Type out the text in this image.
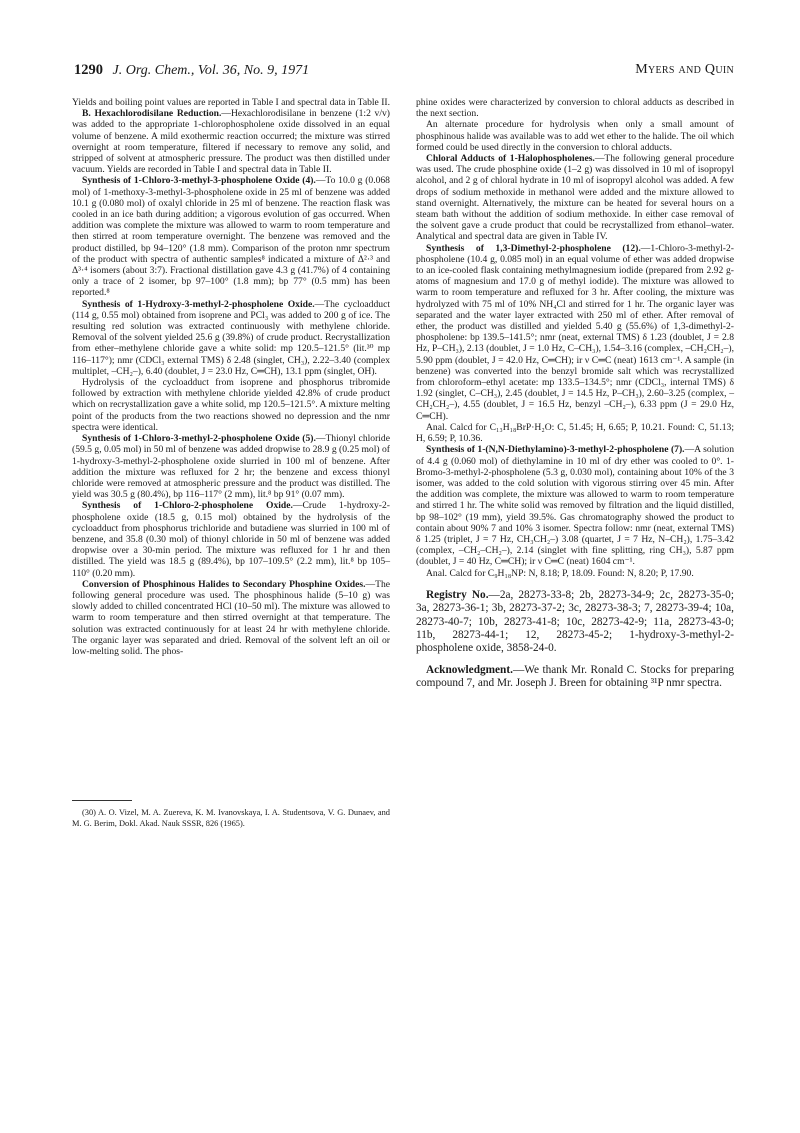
1290 J. Org. Chem., Vol. 36, No. 9, 1971	Myers and Quin

Yields and boiling point values are reported in Table I and spectral data in Table II.

B. Hexachlorodisilane Reduction.—Hexachlorodisilane in benzene (1:2 v/v) was added to the appropriate 1-chlorophospholene oxide dissolved in an equal volume of benzene. A mild exothermic reaction occurred; the mixture was stirred overnight at room temperature, filtered if necessary to remove any solid, and stripped of solvent at atmospheric pressure. The product was then distilled under vacuum. Yields are recorded in Table I and spectral data in Table II.

Synthesis of 1-Chloro-3-methyl-3-phospholene Oxide (4).—To 10.0 g (0.068 mol) of 1-methoxy-3-methyl-3-phospholene oxide in 25 ml of benzene was added 10.1 g (0.080 mol) of oxalyl chloride in 25 ml of benzene. The reaction flask was cooled in an ice bath during addition; a vigorous evolution of gas occurred. When addition was complete the mixture was allowed to warm to room temperature and then stirred at room temperature overnight. The benzene was removed and the product distilled, bp 94–120° (1.8 mm). Comparison of the proton nmr spectrum of the product with spectra of authentic samples⁸ indicated a mixture of Δ²·³ and Δ³·⁴ isomers (about 3:7). Fractional distillation gave 4.3 g (41.7%) of 4 containing only a trace of 2 isomer, bp 97–100° (1.8 mm); bp 77° (0.5 mm) has been reported.⁸

Synthesis of 1-Hydroxy-3-methyl-2-phospholene Oxide.—The cycloadduct (114 g, 0.55 mol) obtained from isoprene and PCl₃ was added to 200 g of ice. The resulting red solution was extracted continuously with methylene chloride. Removal of the solvent yielded 25.6 g (39.8%) of crude product. Recrystallization from ether–methylene chloride gave a white solid: mp 120.5–121.5° (lit.³⁰ mp 116–117°); nmr (CDCl₃ external TMS) δ 2.48 (singlet, CH₃), 2.22–3.40 (complex multiplet, –CH₂–), 6.40 (doublet, J = 23.0 Hz, C═CH), 13.1 ppm (singlet, OH).

Hydrolysis of the cycloadduct from isoprene and phosphorus tribromide followed by extraction with methylene chloride yielded 42.8% of crude product which on recrystallization gave a white solid, mp 120.5–121.5°. A mixture melting point of the products from the two reactions showed no depression and the nmr spectra were identical.

Synthesis of 1-Chloro-3-methyl-2-phospholene Oxide (5).—Thionyl chloride (59.5 g, 0.05 mol) in 50 ml of benzene was added dropwise to 28.9 g (0.25 mol) of 1-hydroxy-3-methyl-2-phospholene oxide slurried in 100 ml of benzene. After addition the mixture was refluxed for 2 hr; the benzene and excess thionyl chloride were removed at atmospheric pressure and the product was distilled. The yield was 30.5 g (80.4%), bp 116–117° (2 mm), lit.⁸ bp 91° (0.07 mm).

Synthesis of 1-Chloro-2-phospholene Oxide.—Crude 1-hydroxy-2-phospholene oxide (18.5 g, 0.15 mol) obtained by the hydrolysis of the cycloadduct from phosphorus trichloride and butadiene was slurried in 100 ml of benzene, and 35.8 (0.30 mol) of thionyl chloride in 50 ml of benzene was added dropwise over a 30-min period. The mixture was refluxed for 1 hr and then distilled. The yield was 18.5 g (89.4%), bp 107–109.5° (2.2 mm), lit.⁸ bp 105–110° (0.20 mm).

Conversion of Phosphinous Halides to Secondary Phosphine Oxides.—The following general procedure was used. The phosphinous halide (5–10 g) was slowly added to chilled concentrated HCl (10–50 ml). The mixture was allowed to warm to room temperature and then stirred overnight at that temperature. The solution was extracted continuously for at least 24 hr with methylene chloride. The organic layer was separated and dried. Removal of the solvent left an oil or low-melting solid. The phos-

(30) A. O. Vizel, M. A. Zuereva, K. M. Ivanovskaya, I. A. Studentsova, V. G. Dunaev, and M. G. Berim, Dokl. Akad. Nauk SSSR, 826 (1965).

phine oxides were characterized by conversion to chloral adducts as described in the next section.

An alternate procedure for hydrolysis when only a small amount of phosphinous halide was available was to add wet ether to the halide. The oil which formed could be used directly in the conversion to chloral adducts.

Chloral Adducts of 1-Halophospholenes.—The following general procedure was used. The crude phosphine oxide (1–2 g) was dissolved in 10 ml of isopropyl alcohol, and 2 g of chloral hydrate in 10 ml of isopropyl alcohol was added. A few drops of sodium methoxide in methanol were added and the mixture allowed to stand overnight. Alternatively, the mixture can be heated for several hours on a steam bath without the addition of sodium methoxide. In either case removal of the solvent gave a crude product that could be recrystallized from ethanol–water. Analytical and spectral data are given in Table IV.

Synthesis of 1,3-Dimethyl-2-phospholene (12).—1-Chloro-3-methyl-2-phospholene (10.4 g, 0.085 mol) in an equal volume of ether was added dropwise to an ice-cooled flask containing methylmagnesium iodide (prepared from 2.92 g-atoms of magnesium and 17.0 g of methyl iodide). The mixture was allowed to warm to room temperature and refluxed for 3 hr. After cooling, the mixture was hydrolyzed with 75 ml of 10% NH₄Cl and stirred for 1 hr. The organic layer was separated and the water layer extracted with 250 ml of ether. After removal of ether, the product was distilled and yielded 5.40 g (55.6%) of 1,3-dimethyl-2-phospholene: bp 139.5–141.5°; nmr (neat, external TMS) δ 1.23 (doublet, J = 2.8 Hz, P–CH₃), 2.13 (doublet, J = 1.0 Hz, C–CH₃), 1.54–3.16 (complex, –CH₂CH₂–), 5.90 ppm (doublet, J = 42.0 Hz, C═CH); ir ν C═C (neat) 1613 cm⁻¹. A sample (in benzene) was converted into the benzyl bromide salt which was recrystallized from chloroform–ethyl acetate: mp 133.5–134.5°; nmr (CDCl₃, internal TMS) δ 1.92 (singlet, C–CH₃), 2.45 (doublet, J = 14.5 Hz, P–CH₃), 2.60–3.25 (complex, –CH₂CH₂–), 4.55 (doublet, J = 16.5 Hz, benzyl –CH₂–), 6.33 ppm (J = 29.0 Hz, C═CH).

Anal. Calcd for C₁₃H₁₈BrP·H₂O: C, 51.45; H, 6.65; P, 10.21. Found: C, 51.13; H, 6.59; P, 10.36.

Synthesis of 1-(N,N-Diethylamino)-3-methyl-2-phospholene (7).—A solution of 4.4 g (0.060 mol) of diethylamine in 10 ml of dry ether was cooled to 0°. 1-Bromo-3-methyl-2-phospholene (5.3 g, 0.030 mol), containing about 10% of the 3 isomer, was added to the cold solution with vigorous stirring over 45 min. After the addition was complete, the mixture was allowed to warm to room temperature and stirred 1 hr. The white solid was removed by filtration and the liquid distilled, bp 98–102° (19 mm), yield 39.5%. Gas chromatography showed the product to contain about 90% 7 and 10% 3 isomer. Spectra follow: nmr (neat, external TMS) δ 1.25 (triplet, J = 7 Hz, CH₃CH₂–) 3.08 (quartet, J = 7 Hz, N–CH₂), 1.75–3.42 (complex, –CH₂–CH₂–), 2.14 (singlet with fine splitting, ring CH₃), 5.87 ppm (doublet, J = 40 Hz, C═CH); ir ν C═C (neat) 1604 cm⁻¹.

Anal. Calcd for C₉H₁₈NP: N, 8.18; P, 18.09. Found: N, 8.20; P, 17.90.

Registry No.—2a, 28273-33-8; 2b, 28273-34-9; 2c, 28273-35-0; 3a, 28273-36-1; 3b, 28273-37-2; 3c, 28273-38-3; 7, 28273-39-4; 10a, 28273-40-7; 10b, 28273-41-8; 10c, 28273-42-9; 11a, 28273-43-0; 11b, 28273-44-1; 12, 28273-45-2; 1-hydroxy-3-methyl-2-phospholene oxide, 3858-24-0.

Acknowledgment.—We thank Mr. Ronald C. Stocks for preparing compound 7, and Mr. Joseph J. Breen for obtaining ³¹P nmr spectra.
